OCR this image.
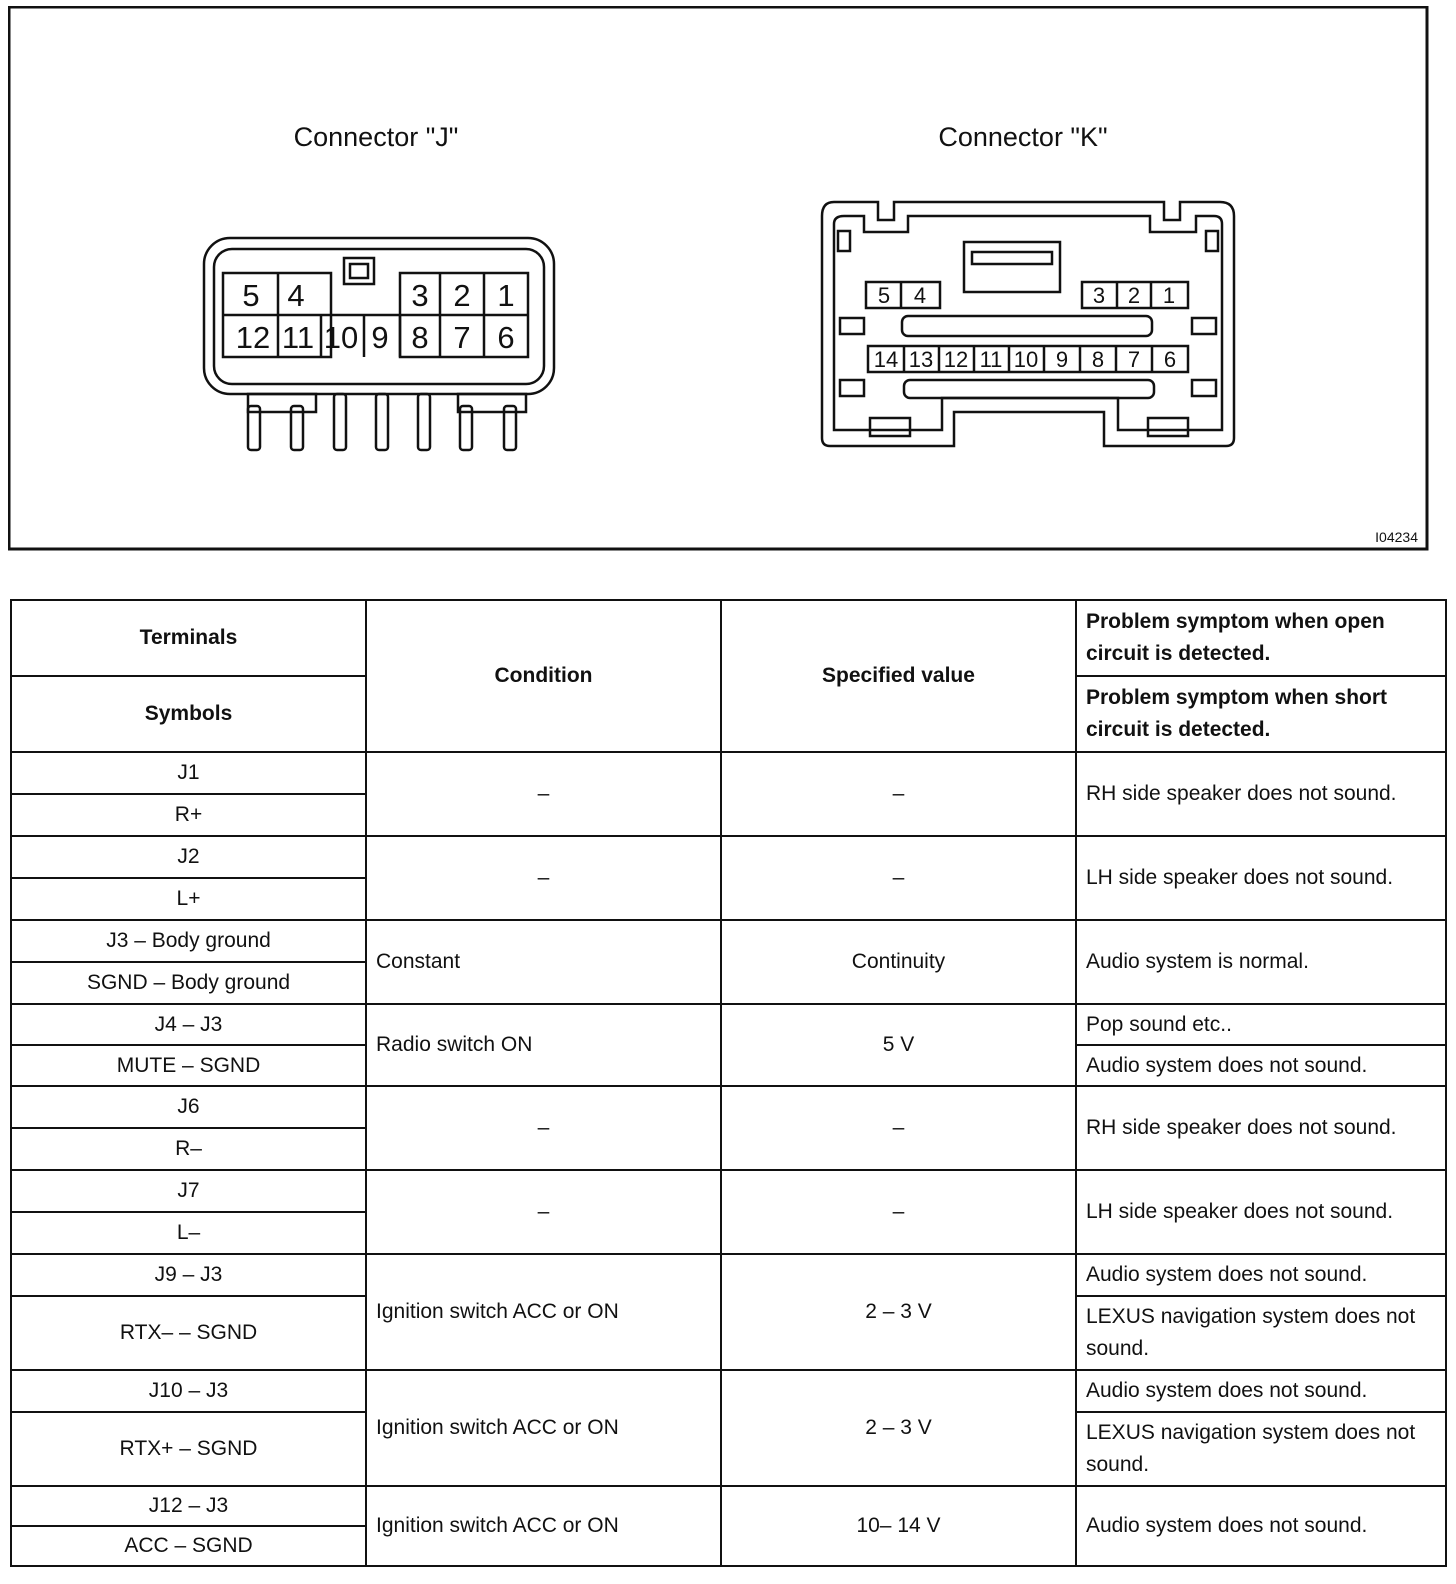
Connector "J"
5 4	3 2 1
12 11 10 9 8 7 6
Connector "K"
5 4	3 2 1
14 13 12 11 10 9 8 7 6
I04234
Terminals	Condition	Specified value	Problem symptom when open circuit is detected.
Symbols			Problem symptom when short circuit is detected.
J1	–	–	RH side speaker does not sound.
R+			
J2	–	–	LH side speaker does not sound.
L+			
J3 – Body ground	Constant	Continuity	Audio system is normal.
SGND – Body ground			
J4 – J3	Radio switch ON	5 V	Pop sound etc..
MUTE – SGND			Audio system does not sound.
J6	–	–	RH side speaker does not sound.
R–			
J7	–	–	LH side speaker does not sound.
L–			
J9 – J3	Ignition switch ACC or ON	2 – 3 V	Audio system does not sound.
RTX– – SGND			LEXUS navigation system does not sound.
J10 – J3	Ignition switch ACC or ON	2 – 3 V	Audio system does not sound.
RTX+ – SGND			LEXUS navigation system does not sound.
J12 – J3	Ignition switch ACC or ON	10– 14 V	Audio system does not sound.
ACC – SGND			
